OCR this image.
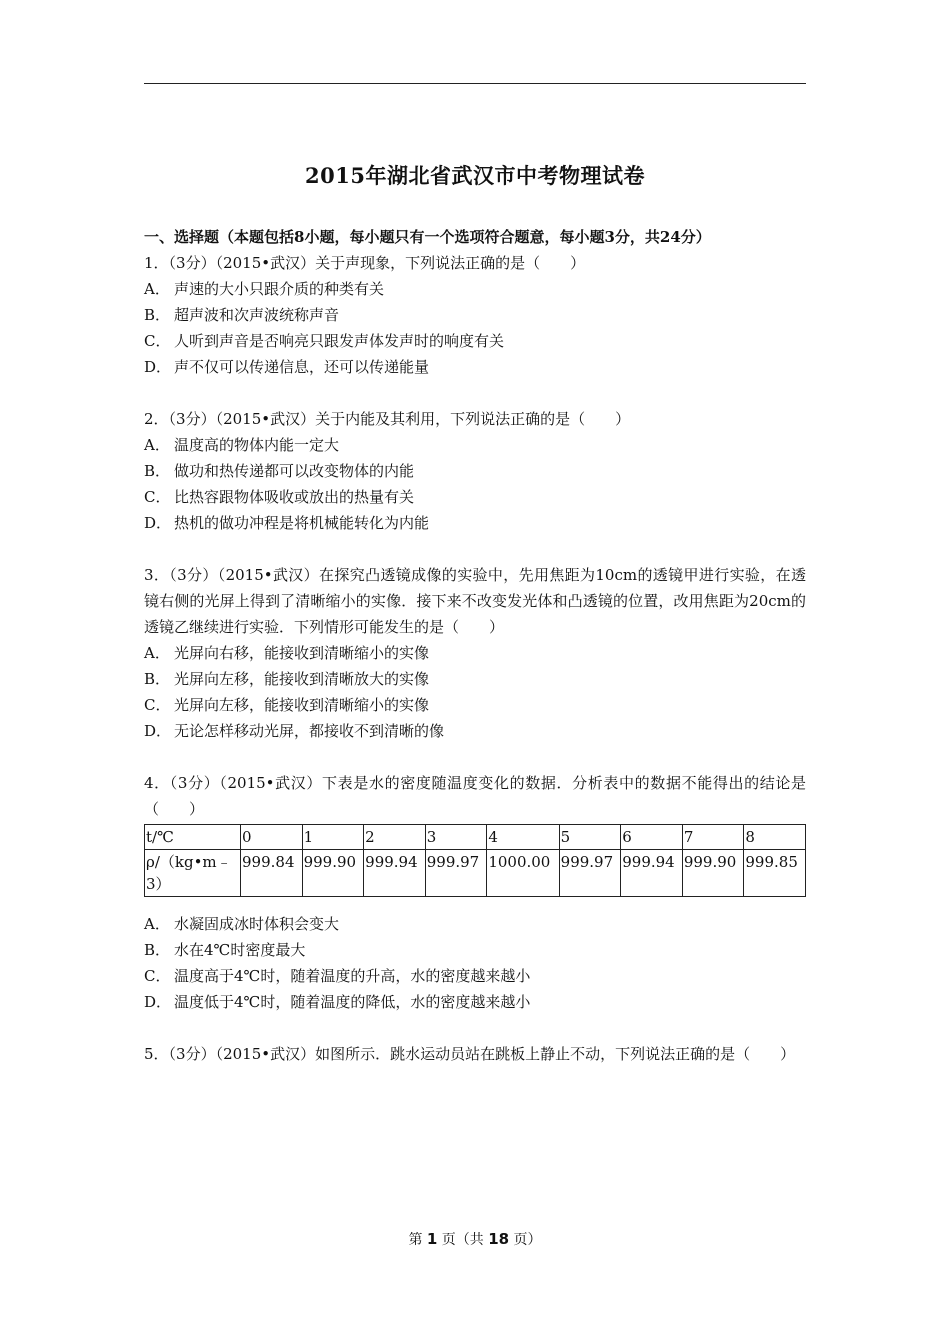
2015年湖北省武汉市中考物理试卷
一、选择题（本题包括8小题，每小题只有一个选项符合题意，每小题3分，共24分）
1．（3分）（2015•武汉）关于声现象，下列说法正确的是（　　）
A． 声速的大小只跟介质的种类有关
B． 超声波和次声波统称声音
C． 人听到声音是否响亮只跟发声体发声时的响度有关
D． 声不仅可以传递信息，还可以传递能量
2．（3分）（2015•武汉）关于内能及其利用，下列说法正确的是（　　）
A． 温度高的物体内能一定大
B． 做功和热传递都可以改变物体的内能
C． 比热容跟物体吸收或放出的热量有关
D． 热机的做功冲程是将机械能转化为内能
3．（3分）（2015•武汉）在探究凸透镜成像的实验中，先用焦距为10cm的透镜甲进行实验，在透镜右侧的光屏上得到了清晰缩小的实像．接下来不改变发光体和凸透镜的位置，改用焦距为20cm的透镜乙继续进行实验．下列情形可能发生的是（　　）
A． 光屏向右移，能接收到清晰缩小的实像
B． 光屏向左移，能接收到清晰放大的实像
C． 光屏向左移，能接收到清晰缩小的实像
D． 无论怎样移动光屏，都接收不到清晰的像
4．（3分）（2015•武汉）下表是水的密度随温度变化的数据．分析表中的数据不能得出的结论是（　　）
t/℃	0	1	2	3	4	5	6	7	8
ρ/（kg•m﹣3）	999.84	999.90	999.94	999.97	1000.00	999.97	999.94	999.90	999.85
A． 水凝固成冰时体积会变大
B． 水在4℃时密度最大
C． 温度高于4℃时，随着温度的升高，水的密度越来越小
D． 温度低于4℃时，随着温度的降低，水的密度越来越小
5．（3分）（2015•武汉）如图所示．跳水运动员站在跳板上静止不动，下列说法正确的是（　　）
第 1 页（共 18 页）
